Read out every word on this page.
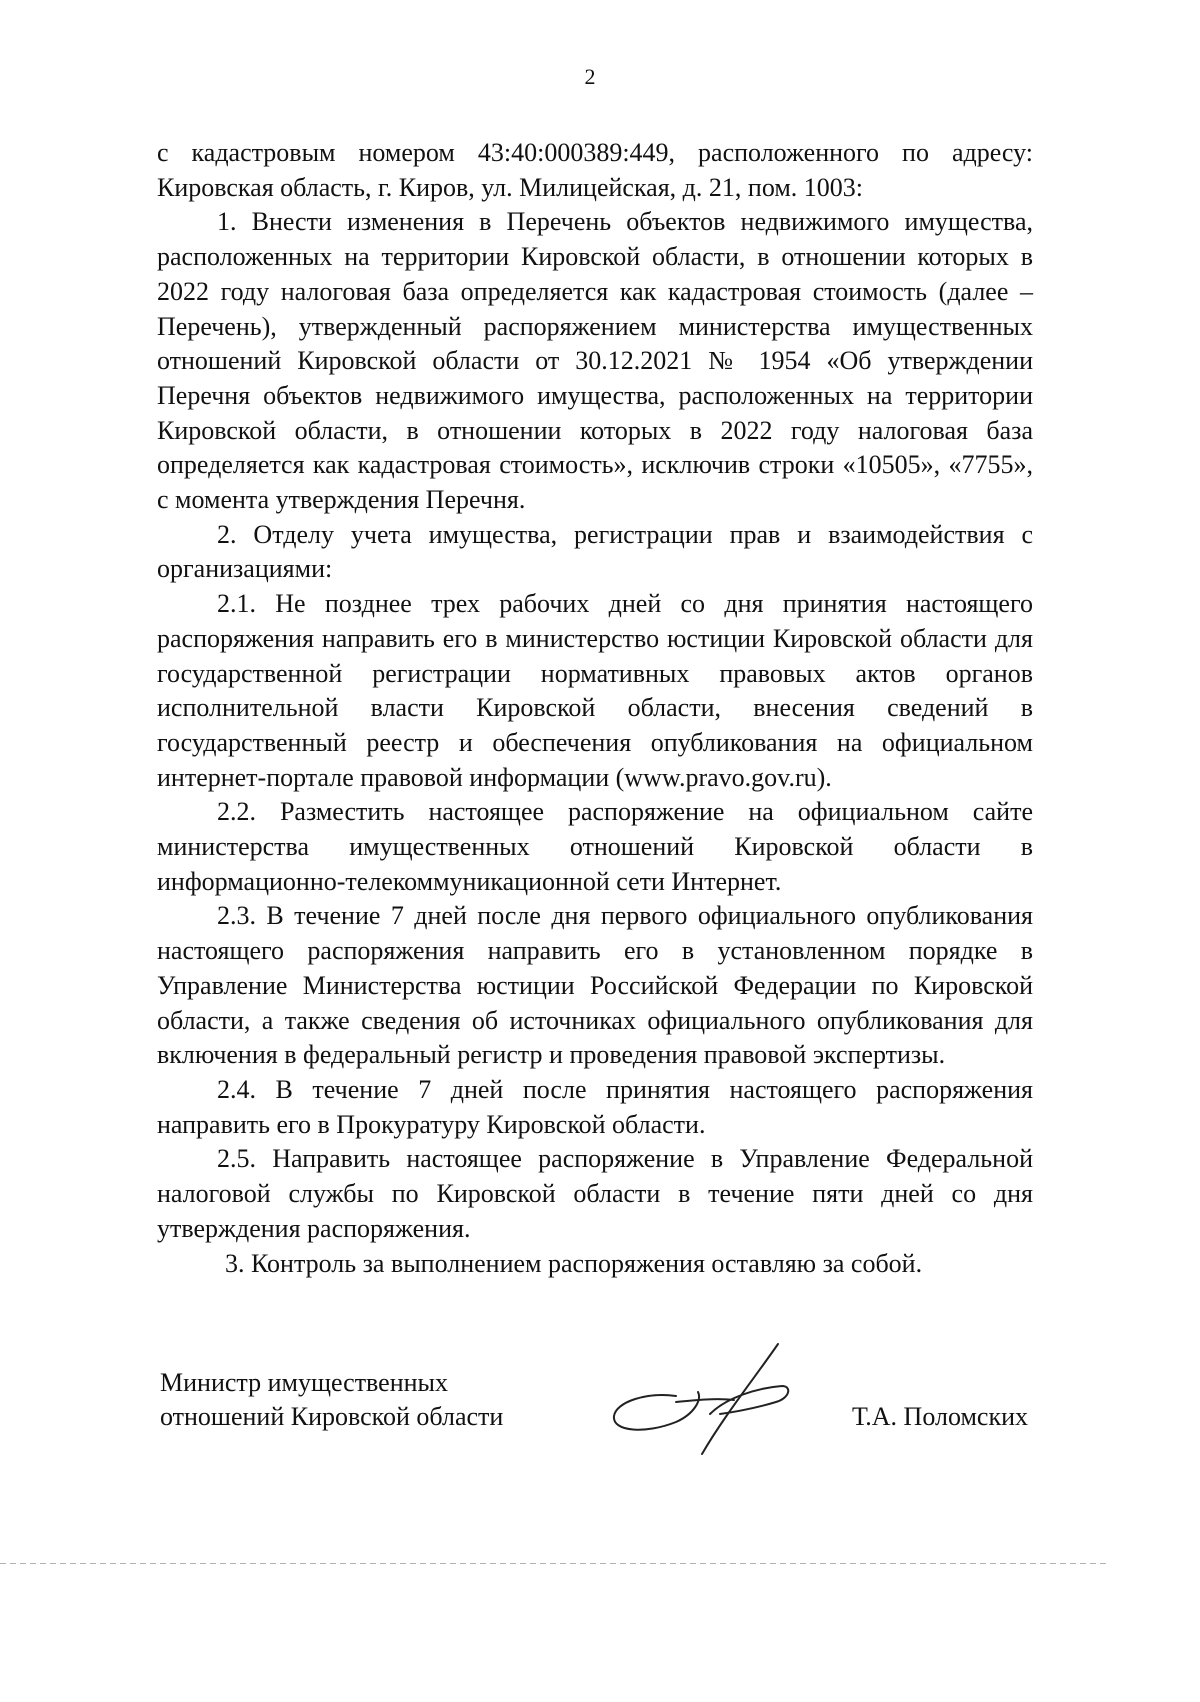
2

с кадастровым номером 43:40:000389:449, расположенного по адресу: Кировская область, г. Киров, ул. Милицейская, д. 21, пом. 1003:

1. Внести изменения в Перечень объектов недвижимого имущества, расположенных на территории Кировской области, в отношении которых в 2022 году налоговая база определяется как кадастровая стоимость (далее – Перечень), утвержденный распоряжением министерства имущественных отношений Кировской области от 30.12.2021 № 1954 «Об утверждении Перечня объектов недвижимого имущества, расположенных на территории Кировской области, в отношении которых в 2022 году налоговая база определяется как кадастровая стоимость», исключив строки «10505», «7755», с момента утверждения Перечня.

2. Отделу учета имущества, регистрации прав и взаимодействия с организациями:

2.1. Не позднее трех рабочих дней со дня принятия настоящего распоряжения направить его в министерство юстиции Кировской области для государственной регистрации нормативных правовых актов органов исполнительной власти Кировской области, внесения сведений в государственный реестр и обеспечения опубликования на официальном интернет-портале правовой информации (www.pravo.gov.ru).

2.2. Разместить настоящее распоряжение на официальном сайте министерства имущественных отношений Кировской области в информационно-телекоммуникационной сети Интернет.

2.3. В течение 7 дней после дня первого официального опубликования настоящего распоряжения направить его в установленном порядке в Управление Министерства юстиции Российской Федерации по Кировской области, а также сведения об источниках официального опубликования для включения в федеральный регистр и проведения правовой экспертизы.

2.4. В течение 7 дней после принятия настоящего распоряжения направить его в Прокуратуру Кировской области.

2.5. Направить настоящее распоряжение в Управление Федеральной налоговой службы по Кировской области в течение пяти дней со дня утверждения распоряжения.

3. Контроль за выполнением распоряжения оставляю за собой.

Министр имущественных
отношений Кировской области	Т.А. Поломских
